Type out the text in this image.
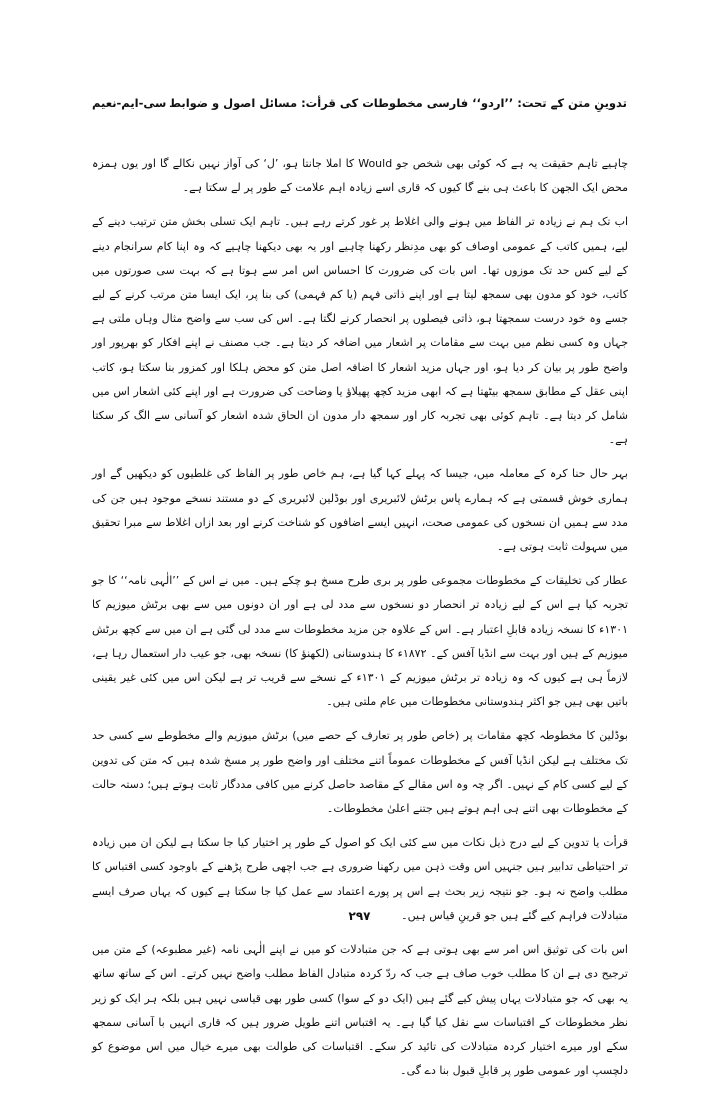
تدوینِ متن کے تحت: ’’اردو‘‘ فارسی مخطوطات کی قرأت: مسائل اصول و ضوابط
سی-ایم-نعیم

چاہیے تاہم حقیقت یہ ہے کہ کوئی بھی شخص جو Would کا املا جانتا ہو، ’ل‘ کی آواز نہیں نکالے گا اور یوں ہمزہ محض ایک الجھن کا باعث ہی بنے گا کیوں کہ قاری اسے زیادہ اہم علامت کے طور پر لے سکتا ہے۔

اب تک ہم نے زیادہ تر الفاظ میں ہونے والی اغلاط پر غور کرتے رہے ہیں۔ تاہم ایک تسلی بخش متن ترتیب دینے کے لیے، ہمیں کاتب کے عمومی اوصاف کو بھی مدِنظر رکھنا چاہیے اور یہ بھی دیکھنا چاہیے کہ وہ اپنا کام سرانجام دینے کے لیے کس حد تک موزوں تھا۔ اس بات کی ضرورت کا احساس اس امر سے ہوتا ہے کہ بہت سی صورتوں میں کاتب، خود کو مدون بھی سمجھ لیتا ہے اور اپنے ذاتی فہم (یا کم فہمی) کی بنا پر، ایک ایسا متن مرتب کرنے کے لیے جسے وہ خود درست سمجھتا ہو، ذاتی فیصلوں پر انحصار کرنے لگتا ہے۔ اس کی سب سے واضح مثال وہاں ملتی ہے جہاں وہ کسی نظم میں بہت سے مقامات پر اشعار میں اضافہ کر دیتا ہے۔ جب مصنف نے اپنے افکار کو بھرپور اور واضح طور پر بیان کر دیا ہو، اور جہاں مزید اشعار کا اضافہ اصل متن کو محض ہلکا اور کمزور بنا سکتا ہو، کاتب اپنی عقل کے مطابق سمجھ بیٹھتا ہے کہ ابھی مزید کچھ پھیلاؤ یا وضاحت کی ضرورت ہے اور اپنے کئی اشعار اس میں شامل کر دیتا ہے۔ تاہم کوئی بھی تجربہ کار اور سمجھ دار مدون ان الحاق شدہ اشعار کو آسانی سے الگ کر سکتا ہے۔

بہر حال حنا کرہ کے معاملہ میں، جیسا کہ پہلے کہا گیا ہے، ہم خاص طور پر الفاظ کی غلطیوں کو دیکھیں گے اور ہماری خوش قسمتی ہے کہ ہمارے پاس برٹش لائبریری اور بوڈلین لائبریری کے دو مستند نسخے موجود ہیں جن کی مدد سے ہمیں ان نسخوں کی عمومی صحت، انہیں ایسے اضافوں کو شناخت کرنے اور بعد ازاں اغلاط سے مبرا تحقیق میں سہولت ثابت ہوتی ہے۔

عطار کی تخلیقات کے مخطوطات مجموعی طور پر بری طرح مسخ ہو چکے ہیں۔ میں نے اس کے ’’الٰہی نامہ‘‘ کا جو تجربہ کیا ہے اس کے لیے زیادہ تر انحصار دو نسخوں سے مدد لی ہے اور ان دونوں میں سے بھی برٹش میوزیم کا ۱۳۰۱ء کا نسخہ زیادہ قابلِ اعتبار ہے۔ اس کے علاوہ جن مزید مخطوطات سے مدد لی گئی ہے ان میں سے کچھ برٹش میوزیم کے ہیں اور بہت سے انڈیا آفس کے۔ ۱۸۷۲ء کا ہندوستانی (لکھنؤ کا) نسخہ بھی، جو عیب دار استعمال رہا ہے، لازماً ہی ہے کیوں کہ وہ زیادہ تر برٹش میوزیم کے ۱۳۰۱ء کے نسخے سے قریب تر ہے لیکن اس میں کئی غیر یقینی باتیں بھی ہیں جو اکثر ہندوستانی مخطوطات میں عام ملتی ہیں۔

بوڈلین کا مخطوطہ کچھ مقامات پر (خاص طور پر تعارف کے حصے میں) برٹش میوزیم والے مخطوطے سے کسی حد تک مختلف ہے لیکن انڈیا آفس کے مخطوطات عموماً اتنے مختلف اور واضح طور پر مسخ شدہ ہیں کہ متن کی تدوین کے لیے کسی کام کے نہیں۔ اگر چہ وہ اس مقالے کے مقاصد حاصل کرنے میں کافی مددگار ثابت ہوتے ہیں؛ دستہ حالت کے مخطوطات بھی اتنے ہی اہم ہوتے ہیں جتنے اعلیٰ مخطوطات۔

قرأت یا تدوین کے لیے درج ذیل نکات میں سے کئی ایک کو اصول کے طور پر اختیار کیا جا سکتا ہے لیکن ان میں زیادہ تر احتیاطی تدابیر ہیں جنہیں اس وقت ذہن میں رکھنا ضروری ہے جب اچھی طرح پڑھنے کے باوجود کسی اقتباس کا مطلب واضح نہ ہو۔ جو نتیجہ زیر بحث ہے اس پر پورے اعتماد سے عمل کیا جا سکتا ہے کیوں کہ یہاں صرف ایسے متبادلات فراہم کیے گئے ہیں جو قرینِ قیاس ہیں۔

اس بات کی توثیق اس امر سے بھی ہوتی ہے کہ جن متبادلات کو میں نے اپنے الٰہی نامہ (غیر مطبوعہ) کے متن میں ترجیح دی ہے ان کا مطلب خوب صاف ہے جب کہ ردّ کردہ متبادل الفاظ مطلب واضح نہیں کرتے۔ اس کے ساتھ ساتھ یہ بھی کہ جو متبادلات یہاں پیش کیے گئے ہیں (ایک دو کے سوا) کسی طور بھی قیاسی نہیں ہیں بلکہ ہر ایک کو زیر نظر مخطوطات کے اقتباسات سے نقل کیا گیا ہے۔ یہ اقتباس اتنے طویل ضرور ہیں کہ قاری انہیں با آسانی سمجھ سکے اور میرے اختیار کردہ متبادلات کی تائید کر سکے۔ اقتباسات کی طوالت بھی میرے خیال میں اس موضوع کو دلچسپ اور عمومی طور پر قابلِ قبول بنا دے گی۔

۲۹۷
